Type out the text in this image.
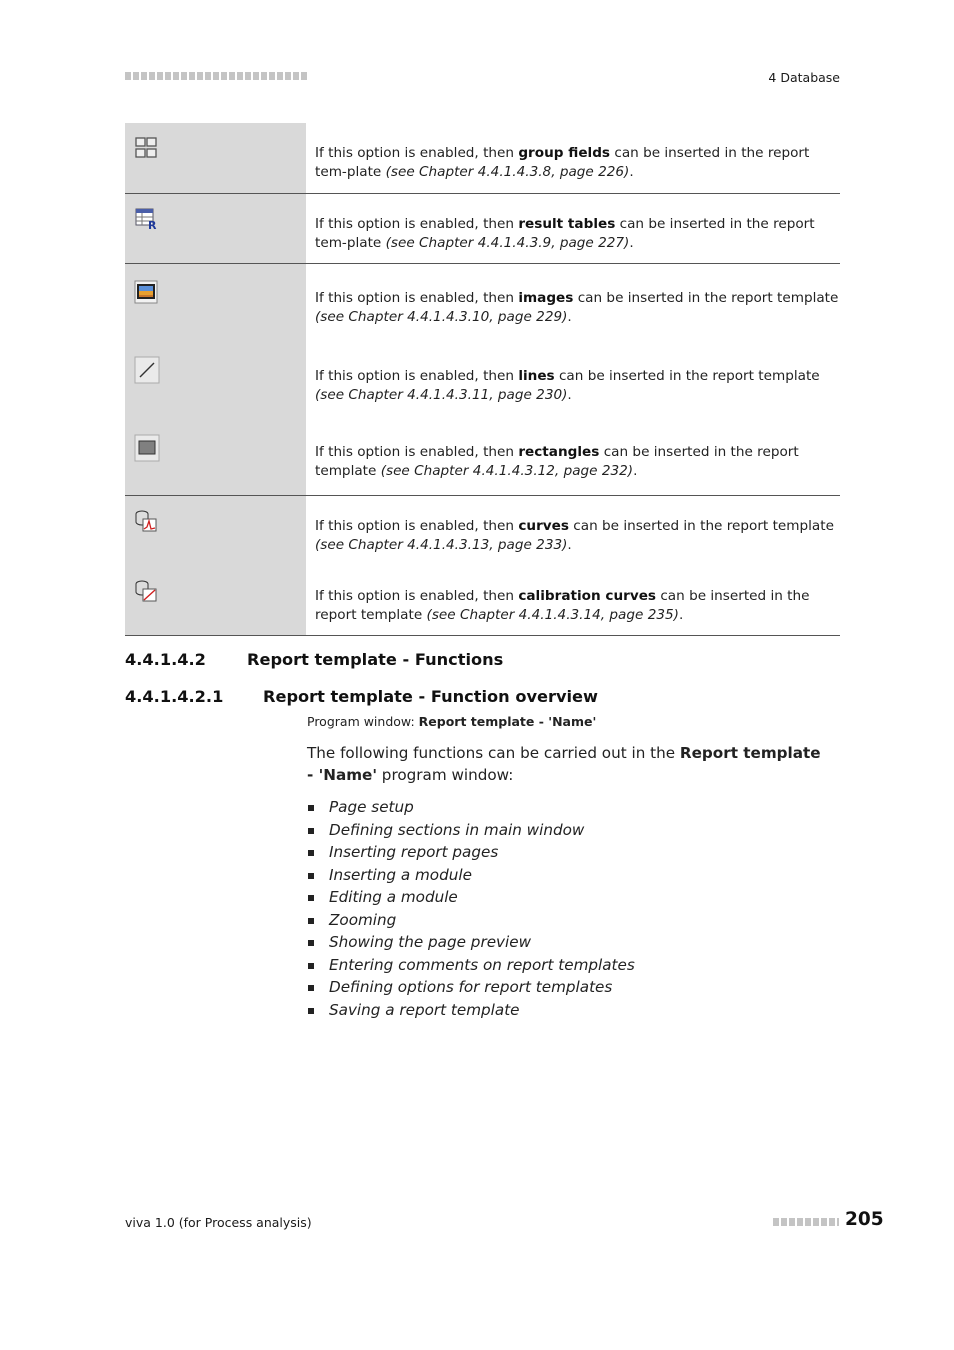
4 Database
If this option is enabled, then group fields can be inserted in the report tem-plate (see Chapter 4.4.1.4.3.8, page 226).
R	If this option is enabled, then result tables can be inserted in the report tem-plate (see Chapter 4.4.1.4.3.9, page 227).
If this option is enabled, then images can be inserted in the report template (see Chapter 4.4.1.4.3.10, page 229).
If this option is enabled, then lines can be inserted in the report template (see Chapter 4.4.1.4.3.11, page 230).
If this option is enabled, then rectangles can be inserted in the report template (see Chapter 4.4.1.4.3.12, page 232).
If this option is enabled, then curves can be inserted in the report template (see Chapter 4.4.1.4.3.13, page 233).
If this option is enabled, then calibration curves can be inserted in the report template (see Chapter 4.4.1.4.3.14, page 235).
4.4.1.4.2	Report template - Functions
4.4.1.4.2.1 Report template - Function overview
Program window: Report template - 'Name'
The following functions can be carried out in the Report template - 'Name' program window:
Page setup
Defining sections in main window
Inserting report pages
Inserting a module
Editing a module
Zooming
Showing the page preview
Entering comments on report templates
Defining options for report templates
Saving a report template
viva 1.0 (for Process analysis)	205
